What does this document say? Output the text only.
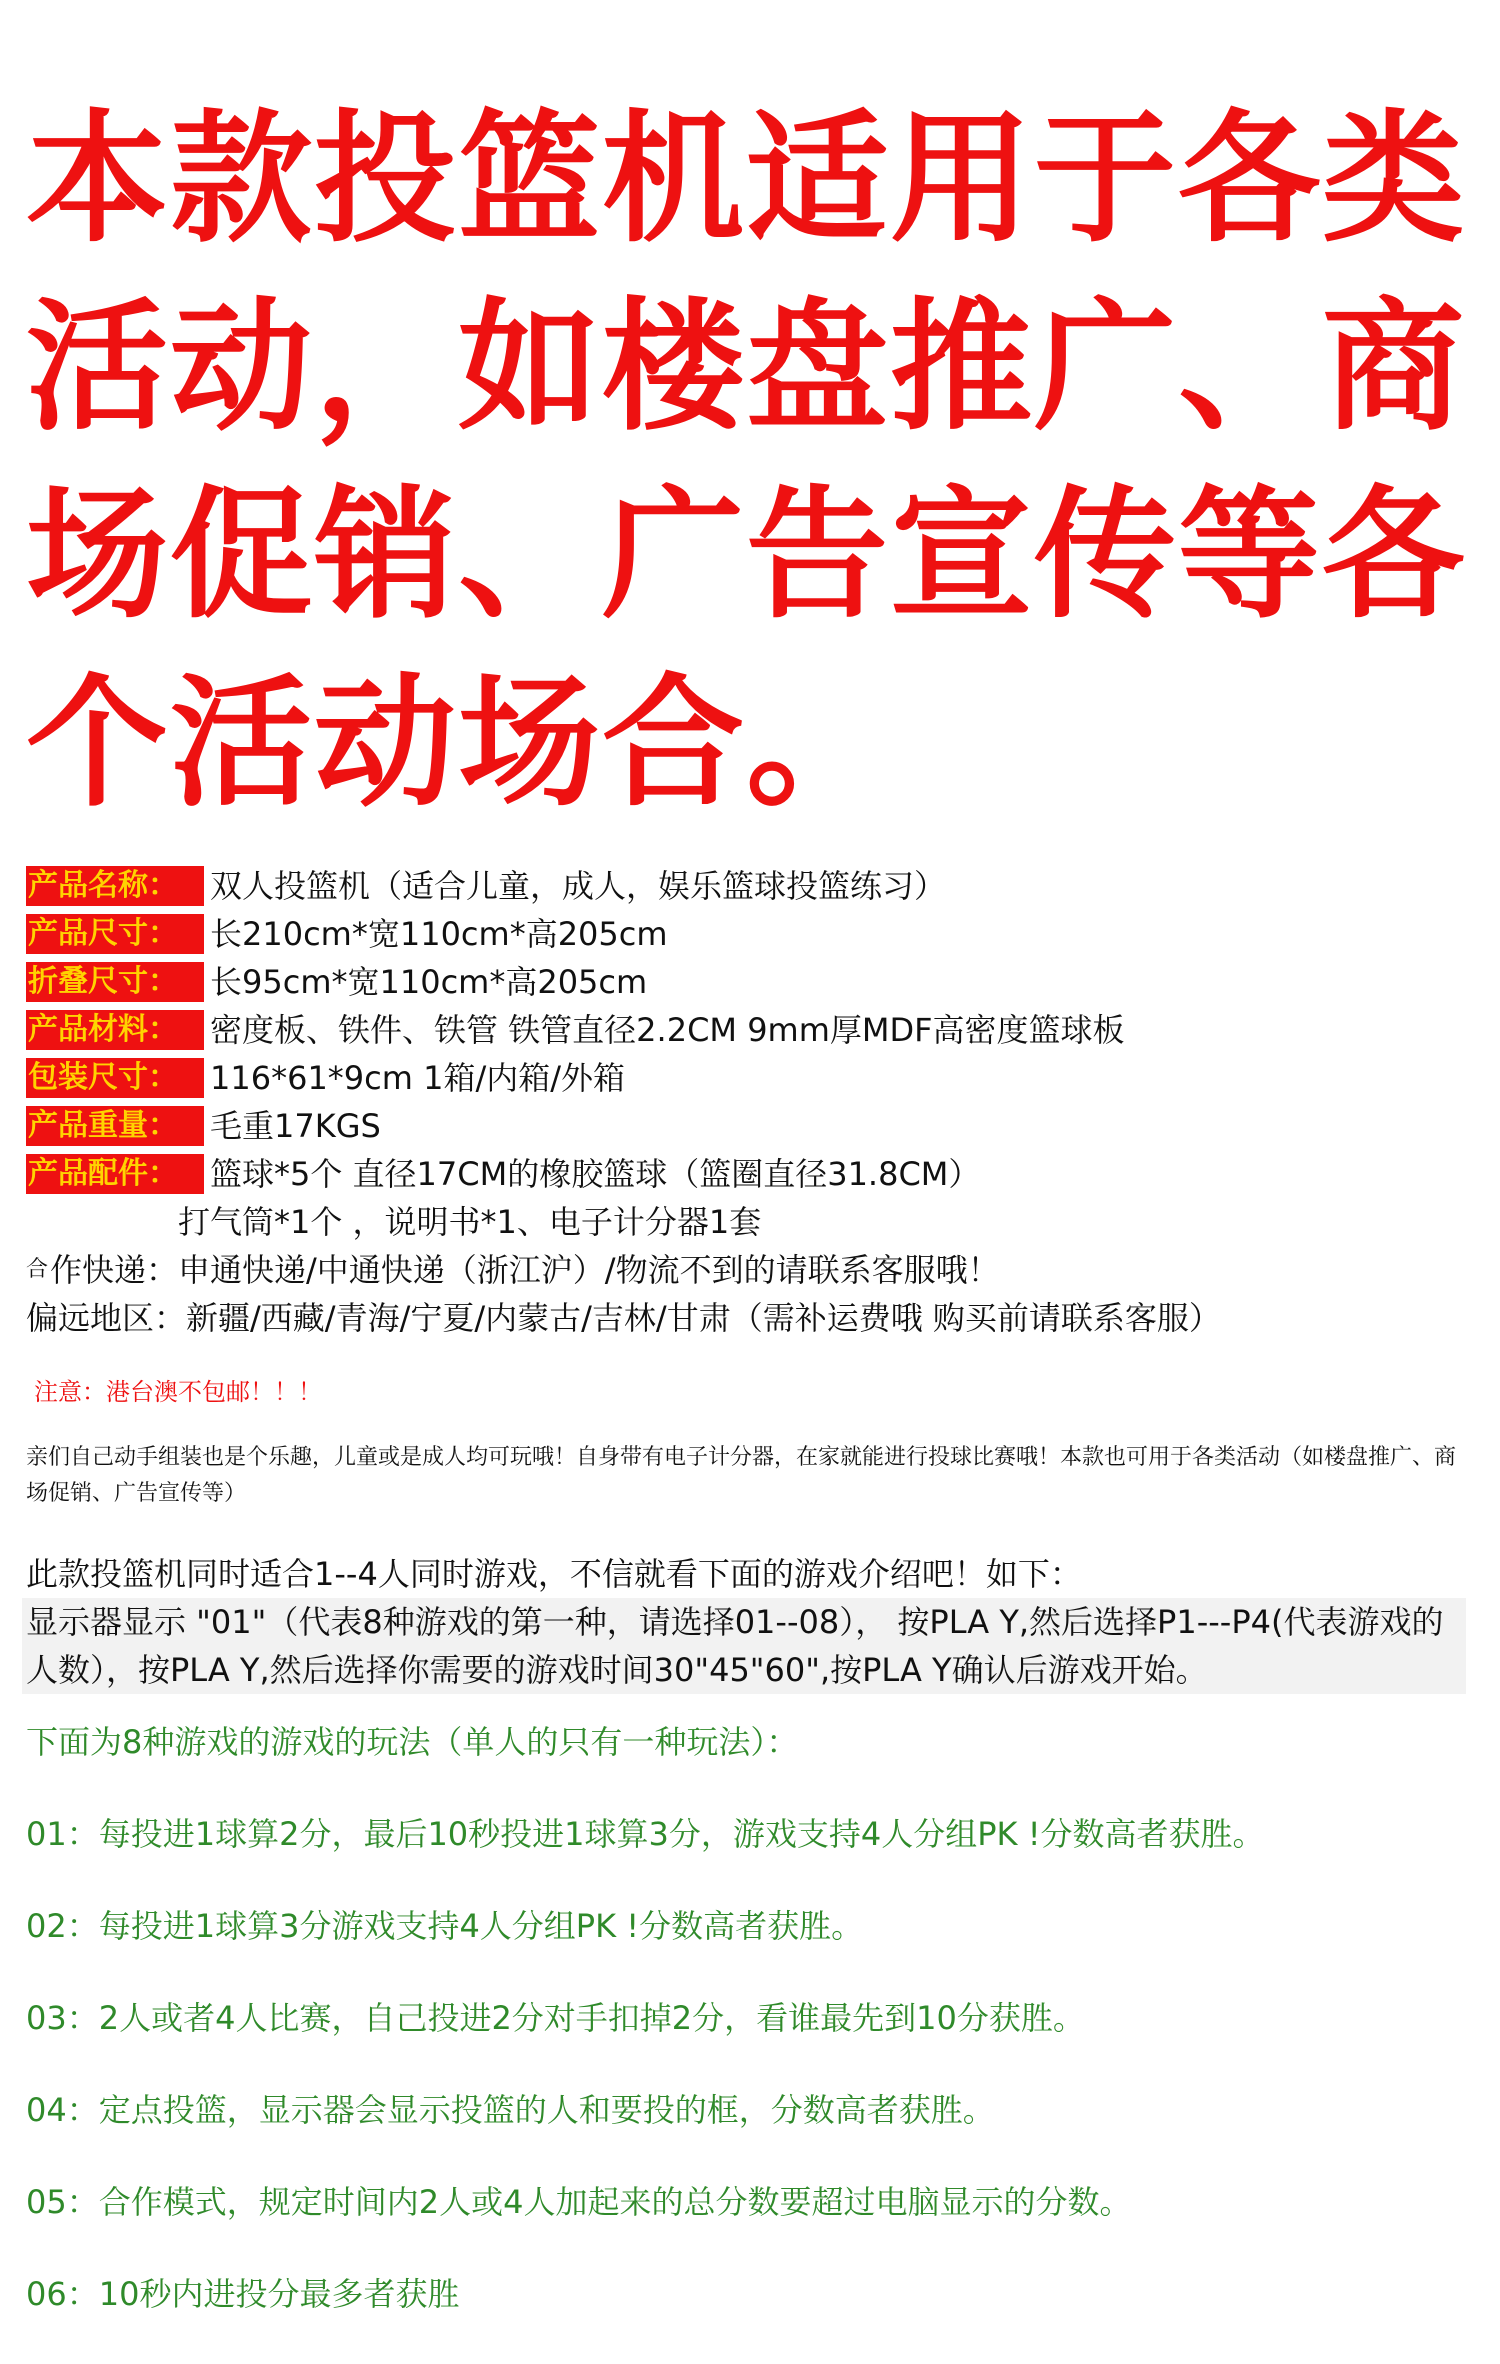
本款投篮机适用于各类
活动，如楼盘推广、商
场促销、广告宣传等各
个活动场合。
产品名称：	双人投篮机（适合儿童，成人，娱乐篮球投篮练习）
产品尺寸：	长210cm*宽110cm*高205cm
折叠尺寸：	长95cm*宽110cm*高205cm
产品材料：	密度板、铁件、铁管 铁管直径2.2CM 9mm厚MDF高密度篮球板
包装尺寸：	116*61*9cm 1箱/内箱/外箱
产品重量：	毛重17KGS
产品配件：	篮球*5个 直径17CM的橡胶篮球（篮圈直径31.8CM）
打气筒*1个 ，说明书*1、电子计分器1套
合 作快递：申通快递/中通快递（浙江沪）/物流不到的请联系客服哦！
偏远地区：新疆/西藏/青海/宁夏/内蒙古/吉林/甘肃（需补运费哦 购买前请联系客服）
注意：港台澳不包邮！！！
亲们自己动手组装也是个乐趣，儿童或是成人均可玩哦！自身带有电子计分器，在家就能进行投球比赛哦！本款也可用于各类活动（如楼盘推广、商场促销、广告宣传等）
此款投篮机同时适合1--4人同时游戏，不信就看下面的游戏介绍吧！如下：
显示器显示 "01"（代表8种游戏的第一种，请选择01--08）， 按PLA Y,然后选择P1---P4(代表游戏的人数），按PLA Y,然后选择你需要的游戏时间30"45"60",按PLA Y确认后游戏开始。
下面为8种游戏的游戏的玩法（单人的只有一种玩法）：
01：每投进1球算2分，最后10秒投进1球算3分，游戏支持4人分组PK !分数高者获胜。
02：每投进1球算3分游戏支持4人分组PK !分数高者获胜。
03：2人或者4人比赛，自己投进2分对手扣掉2分，看谁最先到10分获胜。
04：定点投篮，显示器会显示投篮的人和要投的框，分数高者获胜。
05：合作模式，规定时间内2人或4人加起来的总分数要超过电脑显示的分数。
06：10秒内进投分最多者获胜
